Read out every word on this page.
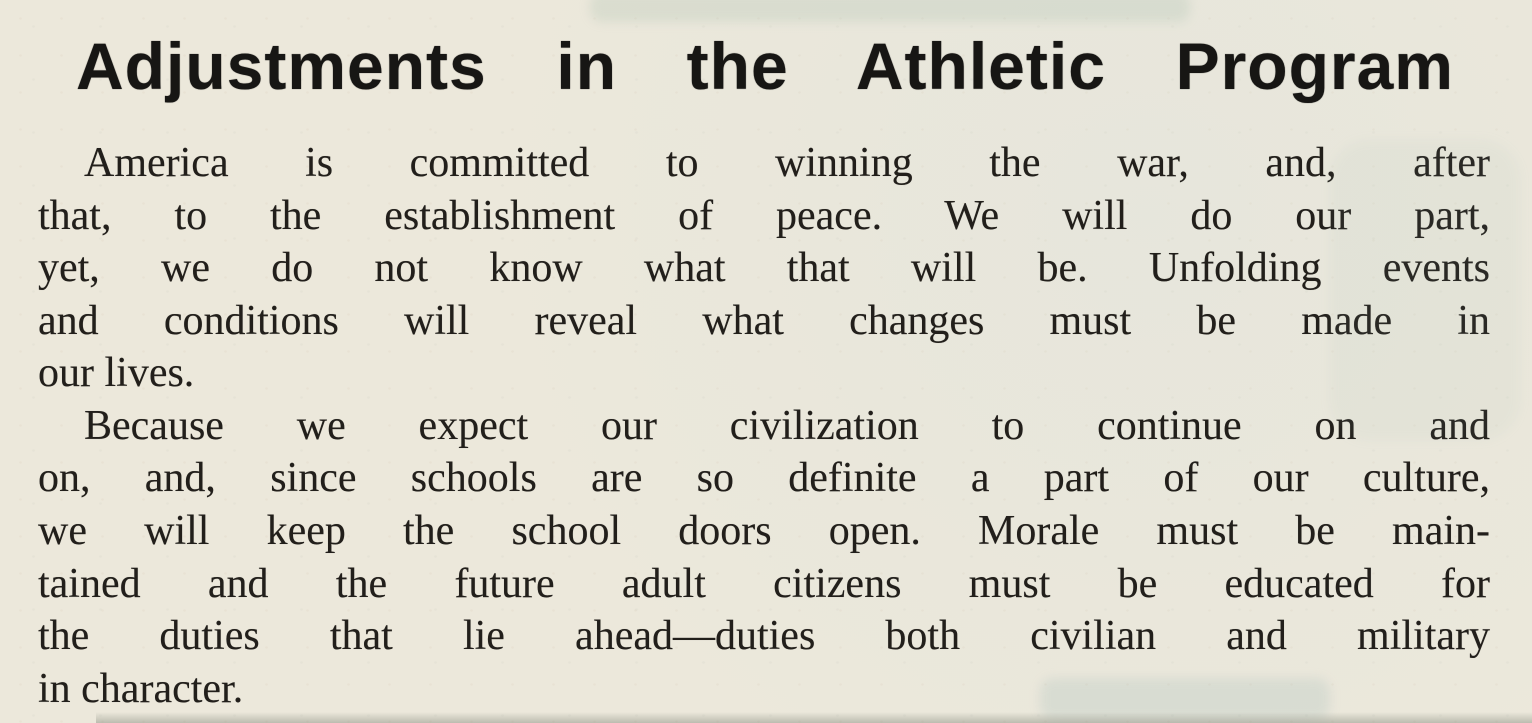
Adjustments in the Athletic Program

America is committed to winning the war, and, after
that, to the establishment of peace. We will do our part,
yet, we do not know what that will be. Unfolding events
and conditions will reveal what changes must be made in
our lives.

Because we expect our civilization to continue on and
on, and, since schools are so definite a part of our culture,
we will keep the school doors open. Morale must be main-
tained and the future adult citizens must be educated for
the duties that lie ahead—duties both civilian and military
in character.
